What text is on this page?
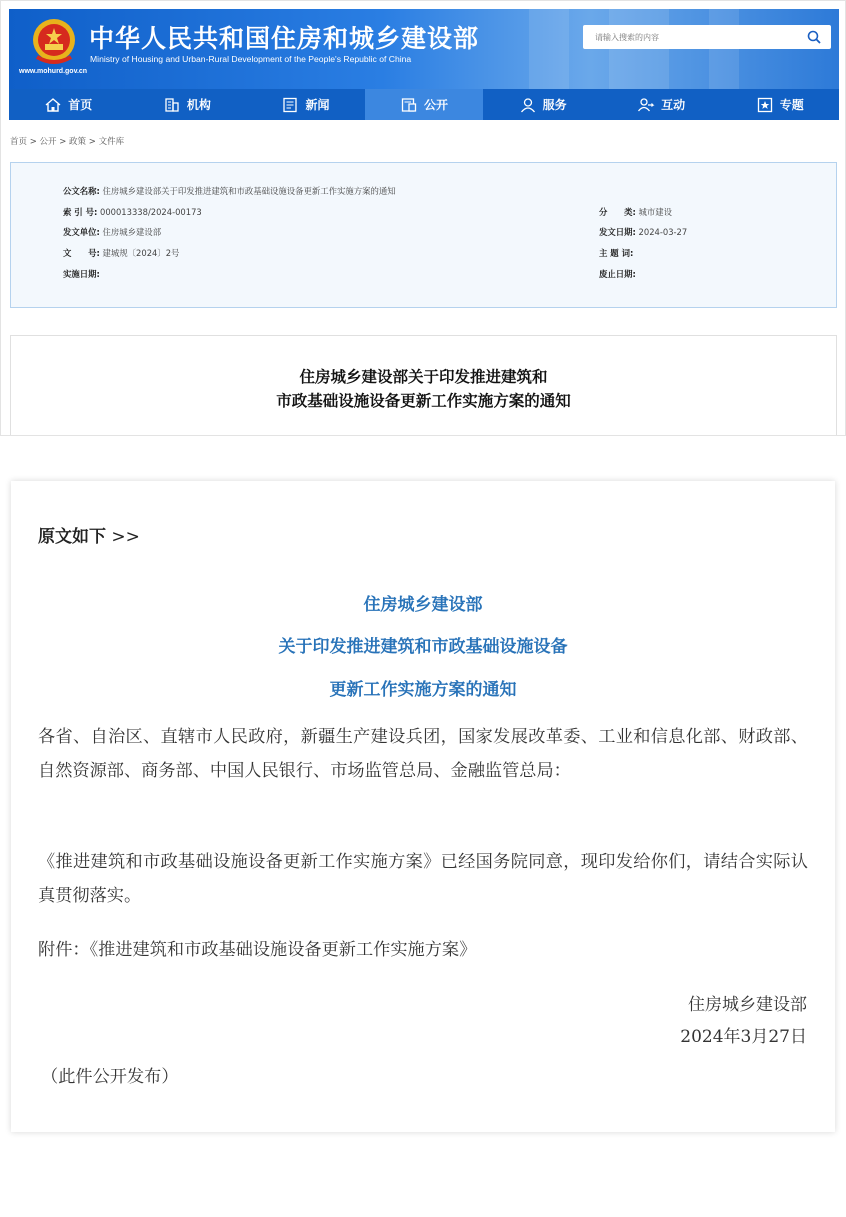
www.mohurd.gov.cn
中华人民共和国住房和城乡建设部
Ministry of Housing and Urban-Rural Development of the People's Republic of China
请输入搜索的内容
首页	机构	新闻	公开	服务	互动	专题
首页 > 公开 > 政策 > 文件库
公文名称: 住房城乡建设部关于印发推进建筑和市政基础设施设备更新工作实施方案的通知
索 引 号: 000013338/2024-00173	分　　类: 城市建设
发文单位: 住房城乡建设部	发文日期: 2024-03-27
文　　号: 建城规〔2024〕2号	主 题 词:
实施日期:	废止日期:
住房城乡建设部关于印发推进建筑和
市政基础设施设备更新工作实施方案的通知
原文如下 >>
住房城乡建设部
关于印发推进建筑和市政基础设施设备
更新工作实施方案的通知
各省、自治区、直辖市人民政府，新疆生产建设兵团，国家发展改革委、工业和信息化部、财政部、自然资源部、商务部、中国人民银行、市场监管总局、金融监管总局：
《推进建筑和市政基础设施设备更新工作实施方案》已经国务院同意，现印发给你们，请结合实际认真贯彻落实。
附件：《推进建筑和市政基础设施设备更新工作实施方案》
住房城乡建设部
2024年3月27日
（此件公开发布）
